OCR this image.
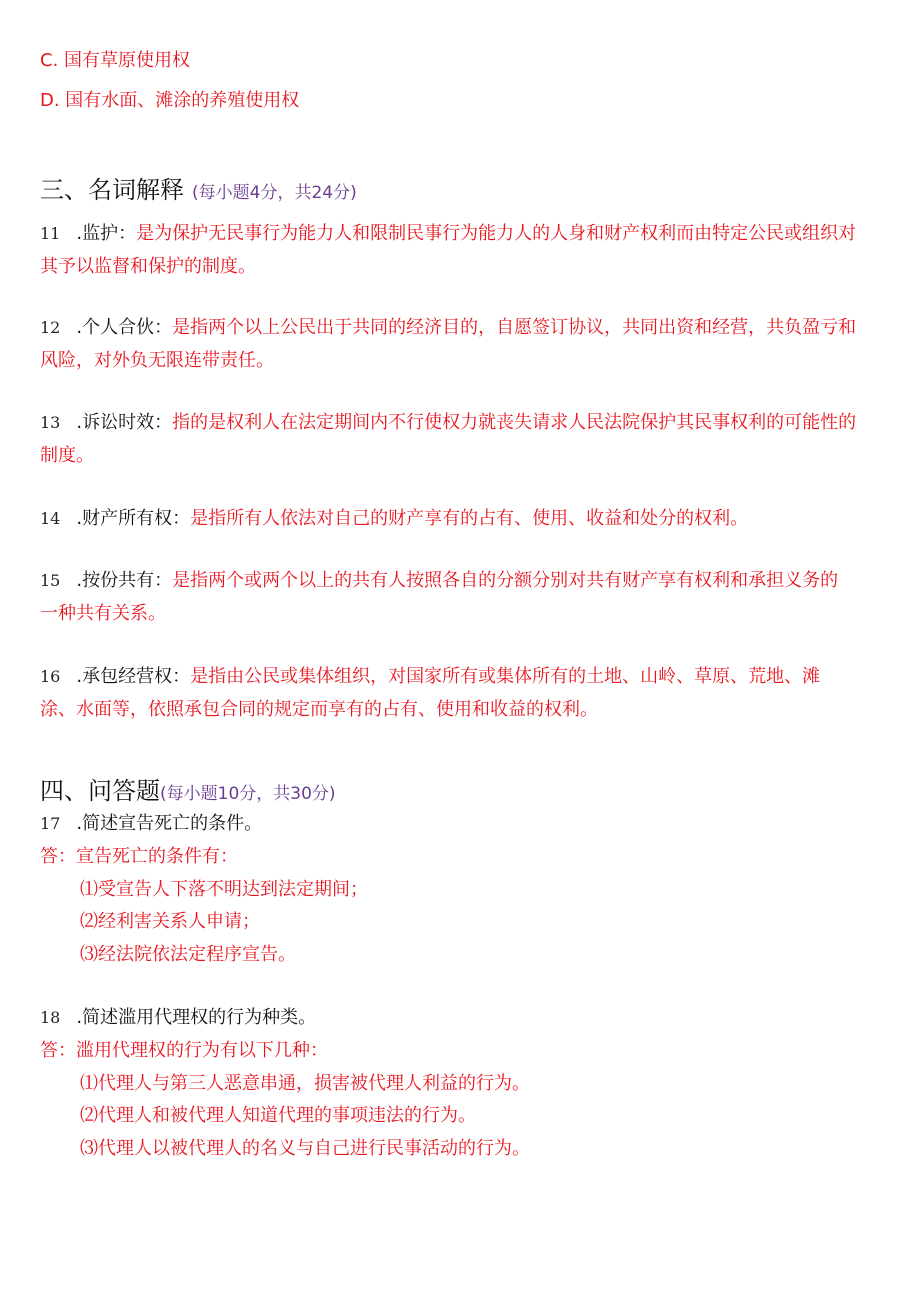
C. 国有草原使用权
D. 国有水面、滩涂的养殖使用权
三、名词解释 (每小题4分，共24分)
11 .监护：是为保护无民事行为能力人和限制民事行为能力人的人身和财产权利而由特定公民或组织对
其予以监督和保护的制度。
12 .个人合伙：是指两个以上公民出于共同的经济目的，自愿签订协议，共同出资和经营，共负盈亏和
风险，对外负无限连带责任。
13 .诉讼时效：指的是权利人在法定期间内不行使权力就丧失请求人民法院保护其民事权利的可能性的
制度。
14 .财产所有权：是指所有人依法对自己的财产享有的占有、使用、收益和处分的权利。
15 .按份共有：是指两个或两个以上的共有人按照各自的分额分别对共有财产享有权利和承担义务的
一种共有关系。
16 .承包经营权：是指由公民或集体组织，对国家所有或集体所有的土地、山岭、草原、荒地、滩
涂、水面等，依照承包合同的规定而享有的占有、使用和收益的权利。
四、问答题(每小题10分，共30分)
17 .简述宣告死亡的条件。
答：宣告死亡的条件有：
⑴受宣告人下落不明达到法定期间；
⑵经利害关系人申请；
⑶经法院依法定程序宣告。
18 .简述滥用代理权的行为种类。
答：滥用代理权的行为有以下几种：
⑴代理人与第三人恶意串通，损害被代理人利益的行为。
⑵代理人和被代理人知道代理的事项违法的行为。
⑶代理人以被代理人的名义与自己进行民事活动的行为。
